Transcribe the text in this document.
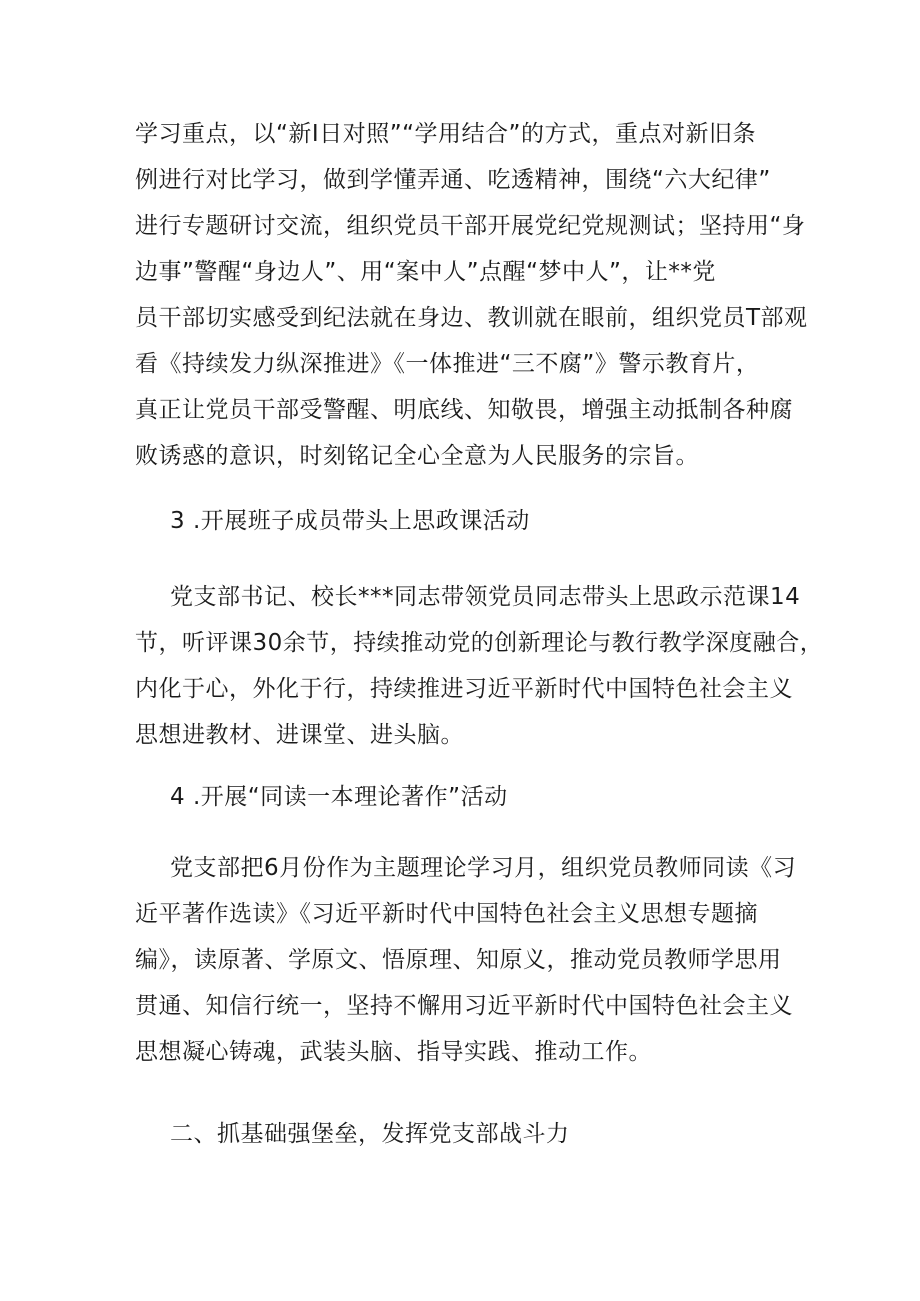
学习重点，以“新Ⅰ日对照”“学用结合”的方式，重点对新旧条
例进行对比学习，做到学懂弄通、吃透精神，围绕“六大纪律”
进行专题研讨交流，组织党员干部开展党纪党规测试；坚持用“身
边事”警醒“身边人”、用“案中人”点醒“梦中人”，让**党
员干部切实感受到纪法就在身边、教训就在眼前，组织党员T部观
看《持续发力纵深推进》《一体推进“三不腐”》警示教育片，
真正让党员干部受警醒、明底线、知敬畏，增强主动抵制各种腐
败诱惑的意识，时刻铭记全心全意为人民服务的宗旨。
3 .开展班子成员带头上思政课活动
党支部书记、校长***同志带领党员同志带头上思政示范课14
节，听评课30余节，持续推动党的创新理论与教行教学深度融合，
内化于心，外化于行，持续推进习近平新时代中国特色社会主义
思想进教材、进课堂、进头脑。
4 .开展“同读一本理论著作”活动
党支部把6月份作为主题理论学习月，组织党员教师同读《习
近平著作选读》《习近平新时代中国特色社会主义思想专题摘
编》，读原著、学原文、悟原理、知原义，推动党员教师学思用
贯通、知信行统一，坚持不懈用习近平新时代中国特色社会主义
思想凝心铸魂，武装头脑、指导实践、推动工作。
二、抓基础强堡垒，发挥党支部战斗力
